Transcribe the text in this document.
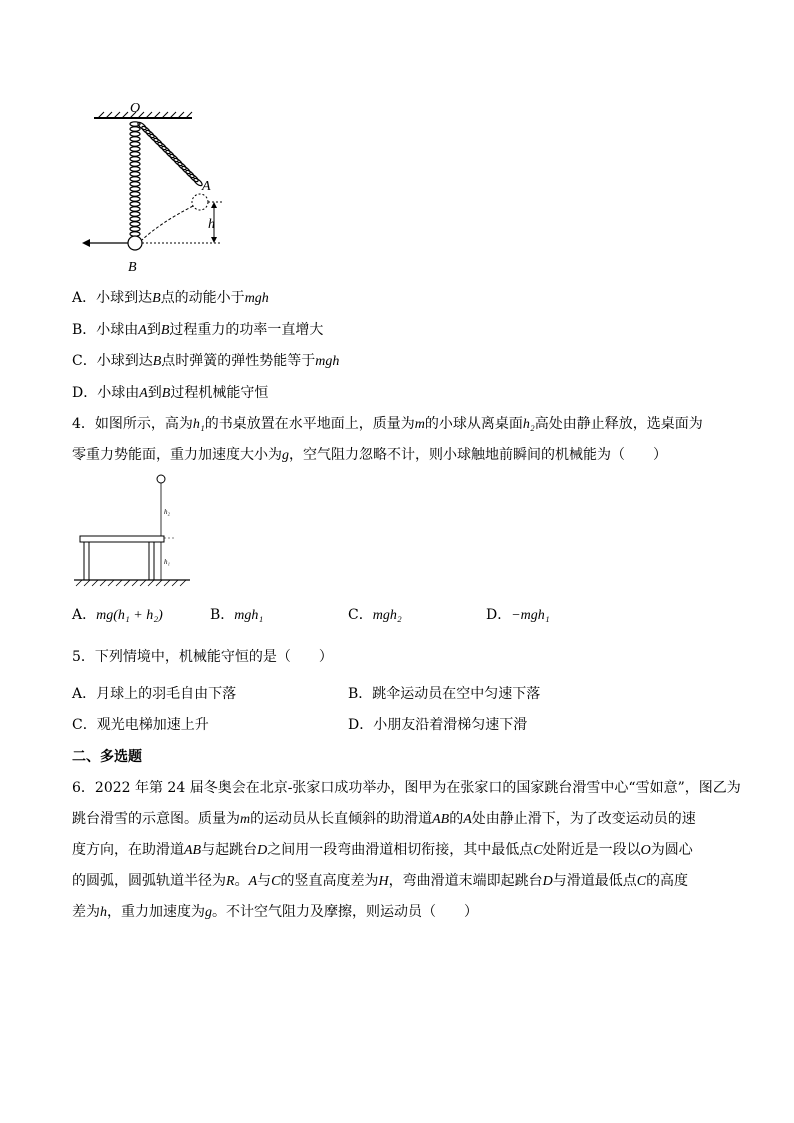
O
A
h
B
A．小球到达B点的动能小于mgh
B．小球由A到B过程重力的功率一直增大
C．小球到达B点时弹簧的弹性势能等于mgh
D．小球由A到B过程机械能守恒
4．如图所示，高为h₁的书桌放置在水平地面上，质量为m的小球从离桌面h₂高处由静止释放，选桌面为
零重力势能面，重力加速度大小为g，空气阻力忽略不计，则小球触地前瞬间的机械能为（　　）
h₂
h₁
A．mg(h₁ + h₂)	B．mgh₁	C．mgh₂	D．−mgh₁
5．下列情境中，机械能守恒的是（　　）
A．月球上的羽毛自由下落	B．跳伞运动员在空中匀速下落
C．观光电梯加速上升	D．小朋友沿着滑梯匀速下滑
二、多选题
6．2022 年第 24 届冬奥会在北京-张家口成功举办，图甲为在张家口的国家跳台滑雪中心“雪如意”，图乙为
跳台滑雪的示意图。质量为m的运动员从长直倾斜的助滑道AB的A处由静止滑下，为了改变运动员的速
度方向，在助滑道AB与起跳台D之间用一段弯曲滑道相切衔接，其中最低点C处附近是一段以O为圆心
的圆弧，圆弧轨道半径为R。A与C的竖直高度差为H，弯曲滑道末端即起跳台D与滑道最低点C的高度
差为h，重力加速度为g。不计空气阻力及摩擦，则运动员（　　）
